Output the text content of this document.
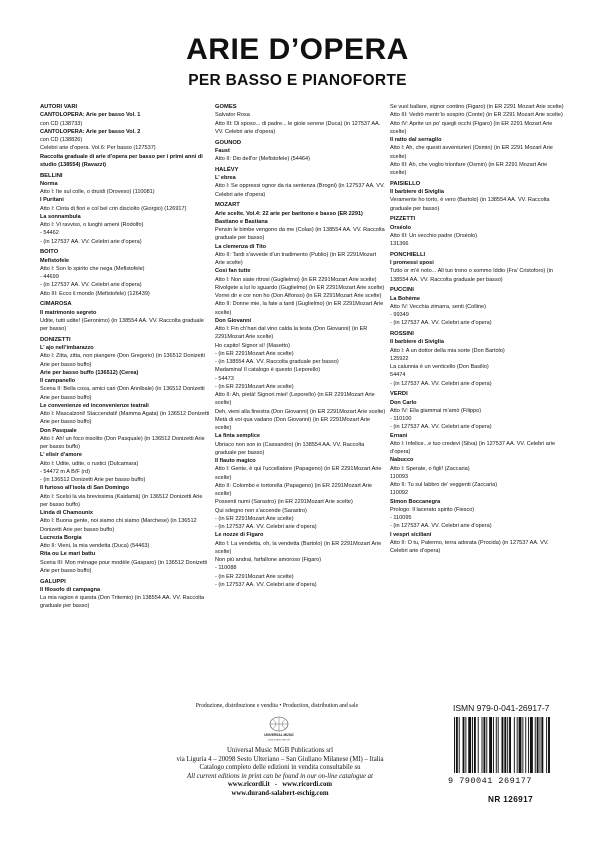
ARIE D’OPERA
PER BASSO E PIANOFORTE
AUTORI VARI
CANTOLOPERA: Arie per basso Vol. 1
con CD (138733)
CANTOLOPERA: Arie per basso Vol. 2
con CD (138826)
Celebri arie d’opera. Vol.6: Per basso (127537)
Raccolta graduale di arie d’opera per basso per i primi anni di studio (138554) (Ravazzi)
BELLINI
Norma
Atto I: Ite sul colle, o druidi (Oroveso) (110081)
I Puritani
Atto I: Cinta di fiori e col bel crin disciolto (Giorgio) (126917)
La sonnambula
Atto I: Vi ravviso, o luoghi ameni (Rodolfo)
- 54462
- (in 127537 AA. VV. Celebri arie d’opera)
BOITO
Mefistofele
Atto I: Son lo spirito che nega (Mefistofele)
- 44699
- (in 127537 AA. VV. Celebri arie d’opera)
Atto III: Ecco il mondo (Mefistofele) (126439)
CIMAROSA
Il matrimonio segreto
Udite, tutti udite! (Geronimo) (in 138554 AA. VV. Raccolta graduale per basso)
DONIZETTI
L’ ajo nell’imbarazzo
Atto I: Zitta, zitta, non piangere (Don Gregorio) (in 136512 Donizetti Arie per basso buffo)
Arie per basso buffo (136512) (Cerea)
Il campanello
Scena II: Bella cosa, amici cari (Don Annibale) (in 136512 Donizetti Arie per basso buffo)
Le convenienze ed inconvenienze teatrali
Atto I: Mascalzoni! Staccendati! (Mamma Agata) (in 136512 Donizetti Arie per basso buffo)
Don Pasquale
Atto I: Ah! un foco insolito (Don Pasquale) (in 136512 Donizetti Arie per basso buffo)
L’ elisir d’amore
Atto I: Udite, udite, o rustici (Dulcamara)
- 54472 m A B/F (rd)
- (in 136512 Donizetti Arie per basso buffo)
Il furioso all’isola di San Domingo
Atto I: Scelsi la via brevissima (Kaidamà) (in 136512 Donizetti Arie per basso buffo)
Linda di Chamounix
Atto I: Buona gente, noi siamo chi siamo (Marchese) (in 136512 Donizetti Arie per basso buffo)
Lucrezia Borgia
Atto II: Vieni, la mia vendetta (Duca) (54463)
Rita ou Le mari battu
Scena III: Mon ménage pour modèle (Gasparo) (in 136512 Donizetti Arie per basso buffo)
GALUPPI
Il filosofo di campagna
La mia ragion è questa (Don Tritemio) (in 138554 AA. VV. Raccolta graduale per basso)
GOMES
Salvator Rosa
Atto III: Di sposo... di padre... le gioie serene (Duca) (in 127537 AA. VV. Celebri arie d’opera)
GOUNOD
Faust
Atto II: Dio dell’or (Mefistofele) (54464)
HALÉVY
L’ ebrea
Atto I: Se oppressi ognor da ria sentenza (Brogni) (in 127537 AA. VV. Celebri arie d’opera)
MOZART
Arie scelte. Vol.4: 22 arie per baritono e basso (ER 2291)
Bastiano e Bastiana
Pensin le bimbe vengono da me (Colas) (in 138554 AA. VV. Raccolta graduale per basso)
La clemenza di Tito
Atto II: Tardi s’avvede d’un tradimento (Publio) (in ER 2291Mozart Arie scelte)
Così fan tutte
Atto I: Non siate ritrosi (Guglielmo) (in ER 2291Mozart Arie scelte)
Rivolgete a lui lo sguardo (Guglielmo) (in ER 2291Mozart Arie scelte)
Vorrei dir e cor non ho (Don Alfonso) (in ER 2291Mozart Arie scelte)
Atto II: Donne mie, la fate a tanti (Guglielmo) (in ER 2291Mozart Arie scelte)
Don Giovanni
Atto I: Fin ch’han dal vino calda la testa (Don Giovanni) (in ER 2291Mozart Arie scelte)
Ho capito! Signor sì! (Masetto)
- (in ER 2291Mozart Arie scelte)
- (in 138554 AA. VV. Raccolta graduale per basso)
Madamina! Il catalogo è questo (Leporello)
- 54473
- (in ER 2291Mozart Arie scelte)
Atto II: Ah, pietà! Signori miei! (Leporello) (in ER 2291Mozart Arie scelte)
Deh, vieni alla finestra (Don Giovanni) (in ER 2291Mozart Arie scelte)
Metà di voi qua vadano (Don Giovanni) (in ER 2291Mozart Arie scelte)
La finta semplice
Ubriaco non son io (Cassandro) (in 138554 AA. VV. Raccolta graduale per basso)
Il flauto magico
Atto I: Gente, è qui l’uccellatore (Papageno) (in ER 2291Mozart Arie scelte)
Atto II: Colombo e tortorella (Papageno) (in ER 2291Mozart Arie scelte)
Possenti numi (Sarastro) (in ER 2291Mozart Arie scelte)
Qui sdegno non s’accende (Sarastro)
- (in ER 2291Mozart Arie scelte)
- (in 127537 AA. VV. Celebri arie d’opera)
Le nozze di Figaro
Atto I: La vendetta, oh, la vendetta (Bartolo) (in ER 2291Mozart Arie scelte)
Non più andrai, farfallone amoroso (Figaro)
- 110088
- (in ER 2291Mozart Arie scelte)
- (in 127537 AA. VV. Celebri arie d’opera)
Se vuol ballare, signor contino (Figaro) (in ER 2291 Mozart Arie scelte)
Atto III: Vedrò mentr’io sospiro (Conte) (in ER 2291 Mozart Arie scelte)
Atto IV: Aprite un po’ quegli occhi (Figaro) (in ER 2291 Mozart Arie scelte)
Il ratto dal serraglio
Atto I: Ah, che questi avventurieri (Osmin) (in ER 2291 Mozart Arie scelte)
Atto III: Ah, che voglio trionfare (Osmin) (in ER 2291 Mozart Arie scelte)
PAISIELLO
Il barbiere di Siviglia
Veramente ho torto, è vero (Bartolo) (in 138554 AA. VV. Raccolta graduale per basso)
PIZZETTI
Orséolo
Atto III: Un vecchio padre (Orséolo)
131366
PONCHIELLI
I promessi sposi
Tutto or m’è noto... All tuo trono o sommo Iddio (Fra’ Cristoforo) (in 138554 AA. VV. Raccolta graduale per basso)
PUCCINI
La Bohème
Atto IV: Vecchia zimarra, senti (Colline)
- 99349
- (in 127537 AA. VV. Celebri arie d’opera)
ROSSINI
Il barbiere di Siviglia
Atto I: A un dottor della mia sorte (Don Bartolo)
125922
La calunnia è un venticello (Don Basilio)
54474
- (in 127537 AA. VV. Celebri arie d’opera)
VERDI
Don Carlo
Atto IV: Ella giammai m’amò (Filippo)
- 110100
- (in 127537 AA. VV. Celebri arie d’opera)
Ernani
Atto I: Infelice...e tuo credevi (Silva) (in 127537 AA. VV. Celebri arie d’opera)
Nabucco
Atto I: Sperate, o figli! (Zaccaria)
110093
Atto II: Tu sul labbro de’ veggenti (Zaccaria)
110092
Simon Boccanegra
Prologo: Il lacerato spirito (Fiesco)
- 110095
- (in 127537 AA. VV. Celebri arie d’opera)
I vespri siciliani
Atto II: O tu, Palermo, terra adorata (Procida) (in 127537 AA. VV. Celebri arie d’opera)
Produzione, distribuzione e vendita • Production, distribution and sale
UNIVERSAL MUSIC
PUBLISHING GROUP
Universal Music MGB Publications srl
via Liguria 4 – 20098 Sesto Ulteriano – San Giuliano Milanese (MI) – Italia
Catalogo completo delle edizioni in vendita consultabile su
All current editions in print can be found in our on-line catalogue at
www.ricordi.it   -   www.ricordi.com
www.durand-salabert-eschig.com
ISMN 979-0-041-26917-7
9 790041 269177
NR 126917
